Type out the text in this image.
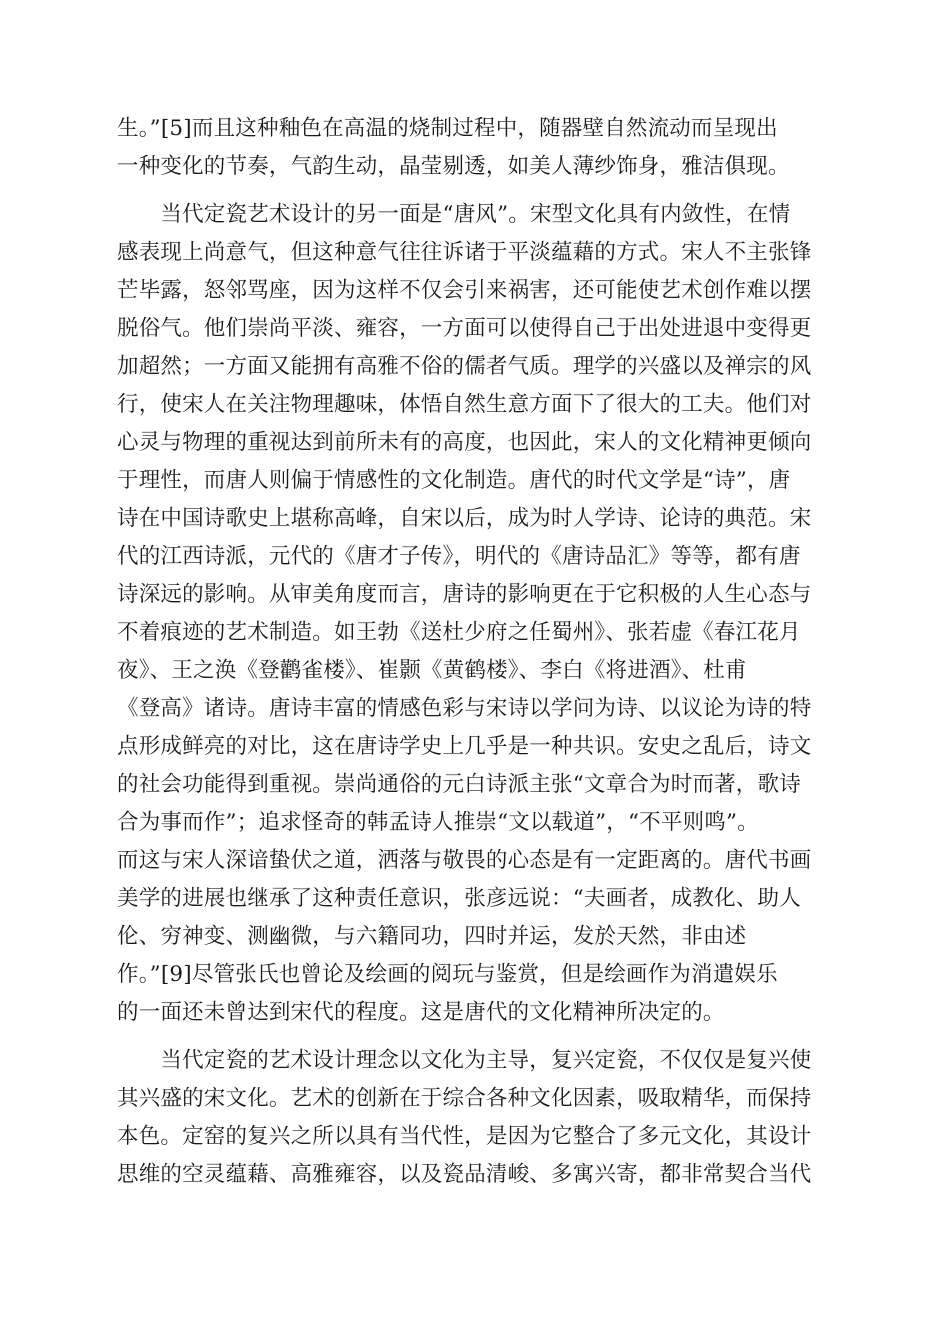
生。”[5]而且这种釉色在高温的烧制过程中，随器壁自然流动而呈现出
一种变化的节奏，气韵生动，晶莹剔透，如美人薄纱饰身，雅洁俱现。
　　当代定瓷艺术设计的另一面是“唐风”。宋型文化具有内敛性，在情
感表现上尚意气，但这种意气往往诉诸于平淡蕴藉的方式。宋人不主张锋
芒毕露，怒邻骂座，因为这样不仅会引来祸害，还可能使艺术创作难以摆
脱俗气。他们崇尚平淡、雍容，一方面可以使得自己于出处进退中变得更
加超然；一方面又能拥有高雅不俗的儒者气质。理学的兴盛以及禅宗的风
行，使宋人在关注物理趣味，体悟自然生意方面下了很大的工夫。他们对
心灵与物理的重视达到前所未有的高度，也因此，宋人的文化精神更倾向
于理性，而唐人则偏于情感性的文化制造。唐代的时代文学是“诗”，唐
诗在中国诗歌史上堪称高峰，自宋以后，成为时人学诗、论诗的典范。宋
代的江西诗派，元代的《唐才子传》，明代的《唐诗品汇》等等，都有唐
诗深远的影响。从审美角度而言，唐诗的影响更在于它积极的人生心态与
不着痕迹的艺术制造。如王勃《送杜少府之任蜀州》、张若虚《春江花月
夜》、王之涣《登鹳雀楼》、崔颢《黄鹤楼》、李白《将进酒》、杜甫
《登高》诸诗。唐诗丰富的情感色彩与宋诗以学问为诗、以议论为诗的特
点形成鲜亮的对比，这在唐诗学史上几乎是一种共识。安史之乱后，诗文
的社会功能得到重视。崇尚通俗的元白诗派主张“文章合为时而著，歌诗
合为事而作”；追求怪奇的韩孟诗人推崇“文以载道”，“不平则鸣”。
而这与宋人深谙蛰伏之道，洒落与敬畏的心态是有一定距离的。唐代书画
美学的进展也继承了这种责任意识，张彦远说：“夫画者，成教化、助人
伦、穷神变、测幽微，与六籍同功，四时并运，发於天然，非由述
作。”[9]尽管张氏也曾论及绘画的阅玩与鉴赏，但是绘画作为消遣娱乐
的一面还未曾达到宋代的程度。这是唐代的文化精神所决定的。
　　当代定瓷的艺术设计理念以文化为主导，复兴定瓷，不仅仅是复兴使
其兴盛的宋文化。艺术的创新在于综合各种文化因素，吸取精华，而保持
本色。定窑的复兴之所以具有当代性，是因为它整合了多元文化，其设计
思维的空灵蕴藉、高雅雍容，以及瓷品清峻、多寓兴寄，都非常契合当代
